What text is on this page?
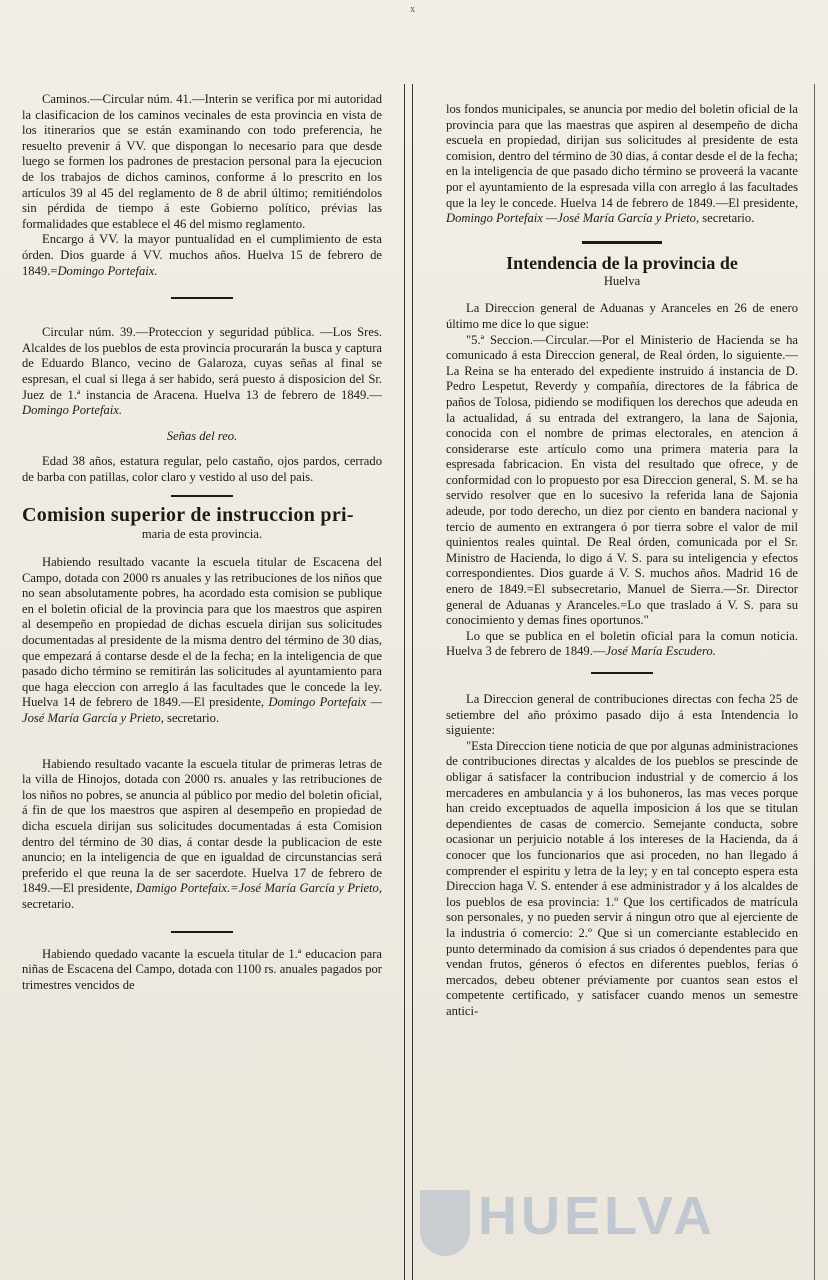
x

Caminos.—Circular núm. 41.—Interin se verifica por mi autoridad la clasificacion de los caminos vecinales de esta provincia en vista de los itinerarios que se están examinando con todo preferencia, he resuelto prevenir á VV. que dispongan lo necesario para que desde luego se formen los padrones de prestacion personal para la ejecucion de los trabajos de dichos caminos, conforme á lo prescrito en los artículos 39 al 45 del reglamento de 8 de abril último; remitiéndolos sin pérdida de tiempo á este Gobierno político, prévias las formalidades que establece el 46 del mismo reglamento.

Encargo á VV. la mayor puntualidad en el cumplimiento de esta órden. Dios guarde á VV. muchos años. Huelva 15 de febrero de 1849.=Domingo Portefaix.

Circular núm. 39.—Proteccion y seguridad pública. —Los Sres. Alcaldes de los pueblos de esta provincia procurarán la busca y captura de Eduardo Blanco, vecino de Galaroza, cuyas señas al final se espresan, el cual si llega á ser habido, será puesto á disposicion del Sr. Juez de 1.ª instancia de Aracena. Huelva 13 de febrero de 1849.—Domingo Portefaix.

Señas del reo.

Edad 38 años, estatura regular, pelo castaño, ojos pardos, cerrado de barba con patillas, color claro y vestido al uso del pais.

Comision superior de instruccion pri-

maria de esta provincia.

Habiendo resultado vacante la escuela titular de Escacena del Campo, dotada con 2000 rs anuales y las retribuciones de los niños que no sean absolutamente pobres, ha acordado esta comision se publique en el boletin oficial de la provincia para que los maestros que aspiren al desempeño en propiedad de dichas escuela dirijan sus solicitudes documentadas al presidente de la misma dentro del término de 30 dias, que empezará á contarse desde el de la fecha; en la inteligencia de que pasado dicho término se remitirán las solicitudes al ayuntamiento para que haga eleccion con arreglo á las facultades que le concede la ley. Huelva 14 de febrero de 1849.—El presidente, Domingo Portefaix — José María García y Prieto, secretario.

Habiendo resultado vacante la escuela titular de primeras letras de la villa de Hinojos, dotada con 2000 rs. anuales y las retribuciones de los niños no pobres, se anuncia al público por medio del boletin oficial, á fin de que los maestros que aspiren al desempeño en propiedad de dicha escuela dirijan sus solicitudes documentadas á esta Comision dentro del término de 30 dias, á contar desde la publicacion de este anuncio; en la inteligencia de que en igualdad de circunstancias será preferido el que reuna la de ser sacerdote. Huelva 17 de febrero de 1849.—El presidente, Damigo Portefaix.=José María García y Prieto, secretario.

Habiendo quedado vacante la escuela titular de 1.ª educacion para niñas de Escacena del Campo, dotada con 1100 rs. anuales pagados por trimestres vencidos de

los fondos municipales, se anuncia por medio del boletin oficial de la provincia para que las maestras que aspiren al desempeño de dicha escuela en propiedad, dirijan sus solicitudes al presidente de esta comision, dentro del término de 30 dias, á contar desde el de la fecha; en la inteligencia de que pasado dicho término se proveerá la vacante por el ayuntamiento de la espresada villa con arreglo á las facultades que la ley le concede. Huelva 14 de febrero de 1849.—El presidente, Domingo Portefaix —José María García y Prieto, secretario.

Intendencia de la provincia de

Huelva

La Direccion general de Aduanas y Aranceles en 26 de enero último me dice lo que sigue:

"5.ª Seccion.—Circular.—Por el Ministerio de Hacienda se ha comunicado á esta Direccion general, de Real órden, lo siguiente.—La Reina se ha enterado del expediente instruido á instancia de D. Pedro Lespetut, Reverdy y compañía, directores de la fábrica de paños de Tolosa, pidiendo se modifiquen los derechos que adeuda en la actualidad, á su entrada del extrangero, la lana de Sajonia, conocida con el nombre de primas electorales, en atencion á considerarse este artículo como una primera materia para la espresada fabricacion. En vista del resultado que ofrece, y de conformidad con lo propuesto por esa Direccion general, S. M. se ha servido resolver que en lo sucesivo la referida lana de Sajonia adeude, por todo derecho, un diez por ciento en bandera nacional y tercio de aumento en extrangera ó por tierra sobre el valor de mil quinientos reales quintal. De Real órden, comunicada por el Sr. Ministro de Hacienda, lo digo á V. S. para su inteligencia y efectos correspondientes. Dios guarde á V. S. muchos años. Madrid 16 de enero de 1849.=El subsecretario, Manuel de Sierra.—Sr. Director general de Aduanas y Aranceles.=Lo que traslado á V. S. para su conocimiento y demas fines oportunos."

Lo que se publica en el boletin oficial para la comun noticia. Huelva 3 de febrero de 1849.—José María Escudero.

La Direccion general de contribuciones directas con fecha 25 de setiembre del año próximo pasado dijo á esta Intendencia lo siguiente:

"Esta Direccion tiene noticia de que por algunas administraciones de contribuciones directas y alcaldes de los pueblos se prescinde de obligar á satisfacer la contribucion industrial y de comercio á los mercaderes en ambulancia y á los buhoneros, las mas veces porque han creido exceptuados de aquella imposicion á los que se titulan dependientes de casas de comercio. Semejante conducta, sobre ocasionar un perjuicio notable á los intereses de la Hacienda, da á conocer que los funcionarios que asi proceden, no han llegado á comprender el espiritu y letra de la ley; y en tal concepto espera esta Direccion haga V. S. entender á ese administrador y á los alcaldes de los pueblos de esa provincia: 1.º Que los certificados de matrícula son personales, y no pueden servir á ningun otro que al ejerciente de la industria ó comercio: 2.º Que si un comerciante establecido en punto determinado da comision á sus criados ó dependentes para que vendan frutos, géneros ó efectos en diferentes pueblos, ferias ó mercados, debeu obtener préviamente por cuantos sean estos el competente certificado, y satisfacer cuando menos un semestre antici-

HUELVA
